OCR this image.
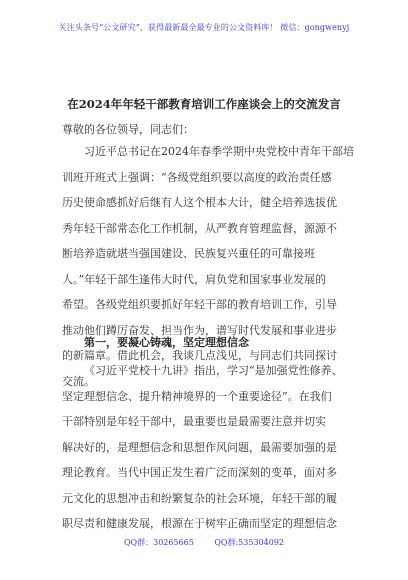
关注头条号“公文研究”，获得最新最全最专业的公文资料库！ 微信：gongwenyj
在2024年年轻干部教育培训工作座谈会上的交流发言
尊敬的各位领导，同志们：
习近平总书记在2024年春季学期中央党校中青年干部培
训班开班式上强调：“各级党组织要以高度的政治责任感
历史使命感抓好后继有人这个根本大计，健全培养选拔优
秀年轻干部常态化工作机制，从严教育管理监督，源源不
断培养造就堪当强国建设、民族复兴重任的可靠接班
人。”年轻干部生逢伟大时代，肩负党和国家事业发展的
希望。各级党组织要抓好年轻干部的教育培训工作，引导
推动他们蹲厉奋发、担当作为，谱写时代发展和事业进步
的新篇章。借此机会，我谈几点浅见，与同志们共同探讨
交流。
第一，要凝心铸魂，坚定理想信念
《习近平党校十九讲》指出，学习“是加强党性修养、
坚定理想信念、提升精神境界的一个重要途径”。在我们
干部特别是年轻干部中，最重要也是最需要注意并切实
解决好的，是理想信念和思想作风问题，最需要加强的是
理论教育。当代中国正发生着广泛而深刻的变革，面对多
元文化的思想冲击和纷繁复杂的社会环境，年轻干部的履
职尽责和健康发展，根源在于树牢正确而坚定的理想信念
QQ群：30265665	QQ群:535304092
